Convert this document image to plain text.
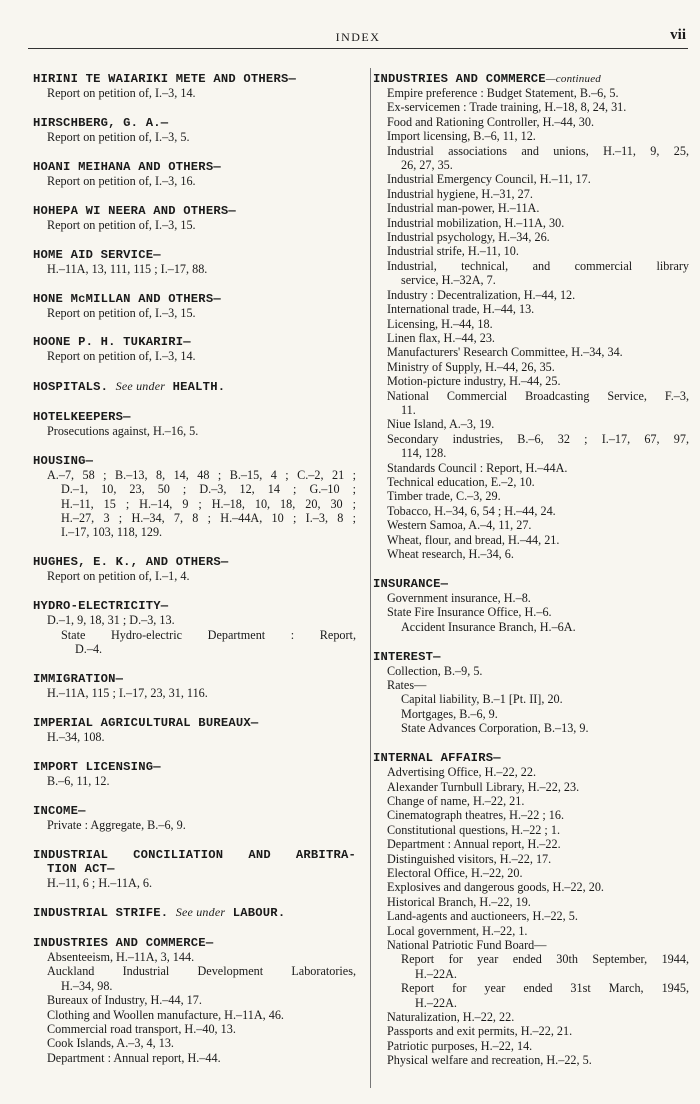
INDEX	vii
HIRINI TE WAIARIKI METE AND OTHERS—
Report on petition of, I.–3, 14.
HIRSCHBERG, G. A.—
Report on petition of, I.–3, 5.
HOANI MEIHANA AND OTHERS—
Report on petition of, I.–3, 16.
HOHEPA WI NEERA AND OTHERS—
Report on petition of, I.–3, 15.
HOME AID SERVICE—
H.–11A, 13, 111, 115 ; I.–17, 88.
HONE McMILLAN AND OTHERS—
Report on petition of, I.–3, 15.
HOONE P. H. TUKARIRI—
Report on petition of, I.–3, 14.
HOSPITALS. See under HEALTH.
HOTELKEEPERS—
Prosecutions against, H.–16, 5.
HOUSING—
A.–7, 58 ; B.–13, 8, 14, 48 ; B.–15, 4 ; C.–2, 21 ;
D.–1, 10, 23, 50 ; D.–3, 12, 14 ; G.–10 ;
H.–11, 15 ; H.–14, 9 ; H.–18, 10, 18, 20, 30 ;
H.–27, 3 ; H.–34, 7, 8 ; H.–44A, 10 ; I.–3, 8 ;
I.–17, 103, 118, 129.
HUGHES, E. K., AND OTHERS—
Report on petition of, I.–1, 4.
HYDRO-ELECTRICITY—
D.–1, 9, 18, 31 ; D.–3, 13.
State Hydro-electric Department : Report,
D.–4.
IMMIGRATION—
H.–11A, 115 ; I.–17, 23, 31, 116.
IMPERIAL AGRICULTURAL BUREAUX—
H.–34, 108.
IMPORT LICENSING—
B.–6, 11, 12.
INCOME—
Private : Aggregate, B.–6, 9.
INDUSTRIAL CONCILIATION AND ARBITRA-
TION ACT—
H.–11, 6 ; H.–11A, 6.
INDUSTRIAL STRIFE. See under LABOUR.
INDUSTRIES AND COMMERCE—
Absenteeism, H.–11A, 3, 144.
Auckland Industrial Development Laboratories,
H.–34, 98.
Bureaux of Industry, H.–44, 17.
Clothing and Woollen manufacture, H.–11A, 46.
Commercial road transport, H.–40, 13.
Cook Islands, A.–3, 4, 13.
Department : Annual report, H.–44.
INDUSTRIES AND COMMERCE—continued
Empire preference : Budget Statement, B.–6, 5.
Ex-servicemen : Trade training, H.–18, 8, 24, 31.
Food and Rationing Controller, H.–44, 30.
Import licensing, B.–6, 11, 12.
Industrial associations and unions, H.–11, 9, 25,
26, 27, 35.
Industrial Emergency Council, H.–11, 17.
Industrial hygiene, H.–31, 27.
Industrial man-power, H.–11A.
Industrial mobilization, H.–11A, 30.
Industrial psychology, H.–34, 26.
Industrial strife, H.–11, 10.
Industrial, technical, and commercial library
service, H.–32A, 7.
Industry : Decentralization, H.–44, 12.
International trade, H.–44, 13.
Licensing, H.–44, 18.
Linen flax, H.–44, 23.
Manufacturers' Research Committee, H.–34, 34.
Ministry of Supply, H.–44, 26, 35.
Motion-picture industry, H.–44, 25.
National Commercial Broadcasting Service, F.–3,
11.
Niue Island, A.–3, 19.
Secondary industries, B.–6, 32 ; I.–17, 67, 97,
114, 128.
Standards Council : Report, H.–44A.
Technical education, E.–2, 10.
Timber trade, C.–3, 29.
Tobacco, H.–34, 6, 54 ; H.–44, 24.
Western Samoa, A.–4, 11, 27.
Wheat, flour, and bread, H.–44, 21.
Wheat research, H.–34, 6.
INSURANCE—
Government insurance, H.–8.
State Fire Insurance Office, H.–6.
Accident Insurance Branch, H.–6A.
INTEREST—
Collection, B.–9, 5.
Rates—
Capital liability, B.–1 [Pt. II], 20.
Mortgages, B.–6, 9.
State Advances Corporation, B.–13, 9.
INTERNAL AFFAIRS—
Advertising Office, H.–22, 22.
Alexander Turnbull Library, H.–22, 23.
Change of name, H.–22, 21.
Cinematograph theatres, H.–22 ; 16.
Constitutional questions, H.–22 ; 1.
Department : Annual report, H.–22.
Distinguished visitors, H.–22, 17.
Electoral Office, H.–22, 20.
Explosives and dangerous goods, H.–22, 20.
Historical Branch, H.–22, 19.
Land-agents and auctioneers, H.–22, 5.
Local government, H.–22, 1.
National Patriotic Fund Board—
Report for year ended 30th September, 1944,
H.–22A.
Report for year ended 31st March, 1945,
H.–22A.
Naturalization, H.–22, 22.
Passports and exit permits, H.–22, 21.
Patriotic purposes, H.–22, 14.
Physical welfare and recreation, H.–22, 5.
